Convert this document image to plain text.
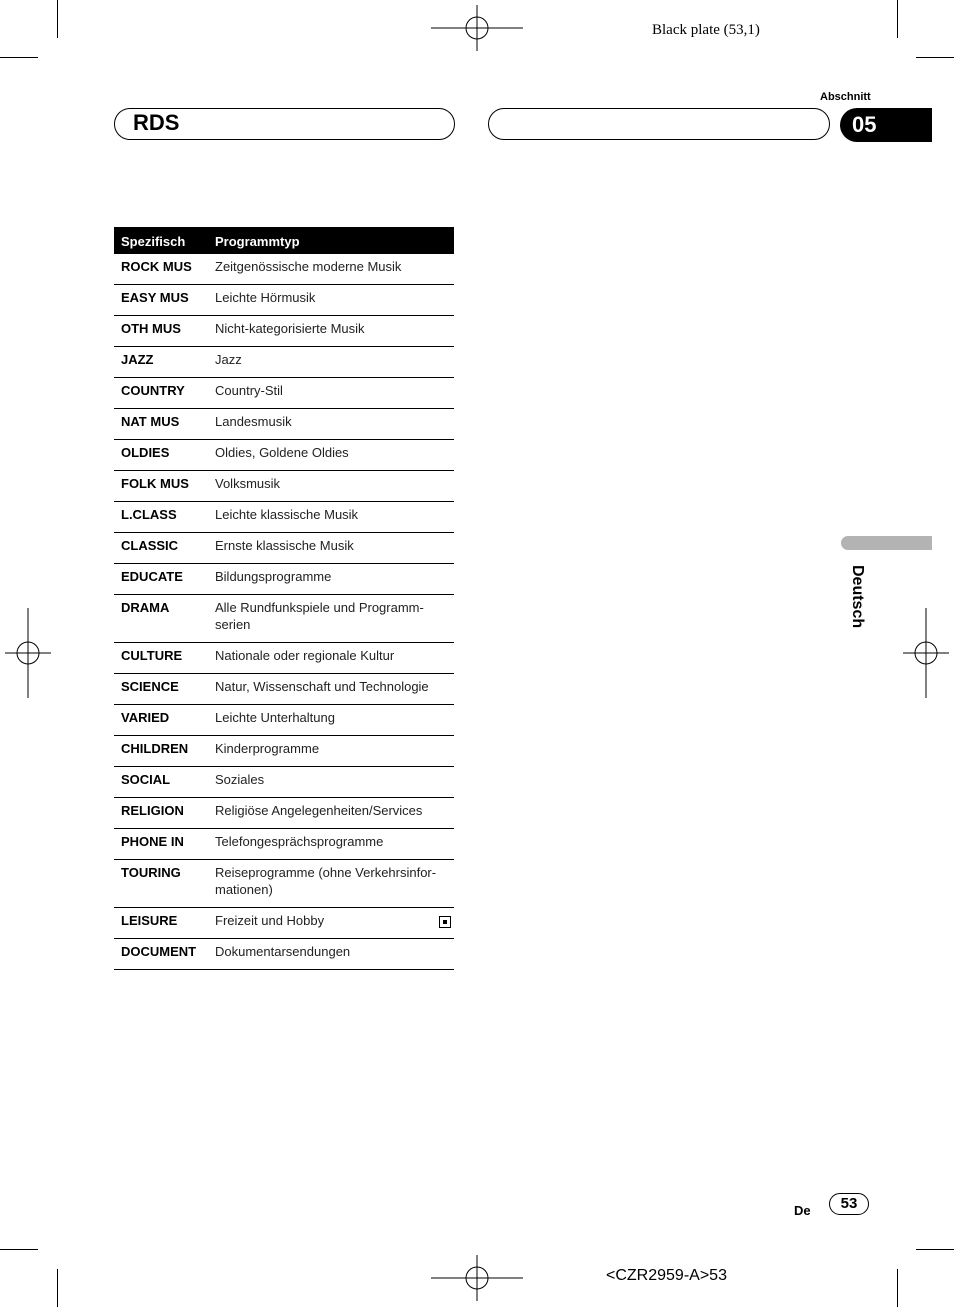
Black plate (53,1)
Abschnitt
05
RDS
Deutsch
Spezifisch	Programmtyp
ROCK MUS	Zeitgenössische moderne Musik
EASY MUS	Leichte Hörmusik
OTH MUS	Nicht-kategorisierte Musik
JAZZ	Jazz
COUNTRY	Country-Stil
NAT MUS	Landesmusik
OLDIES	Oldies, Goldene Oldies
FOLK MUS	Volksmusik
L.CLASS	Leichte klassische Musik
CLASSIC	Ernste klassische Musik
EDUCATE	Bildungsprogramme
DRAMA	Alle Rundfunkspiele und Programm-serien
CULTURE	Nationale oder regionale Kultur
SCIENCE	Natur, Wissenschaft und Technologie
VARIED	Leichte Unterhaltung
CHILDREN	Kinderprogramme
SOCIAL	Soziales
RELIGION	Religiöse Angelegenheiten/Services
PHONE IN	Telefongesprächsprogramme
TOURING	Reiseprogramme (ohne Verkehrsinfor-mationen)
LEISURE	Freizeit und Hobby
DOCUMENT	Dokumentarsendungen
De	53
<CZR2959-A>53
